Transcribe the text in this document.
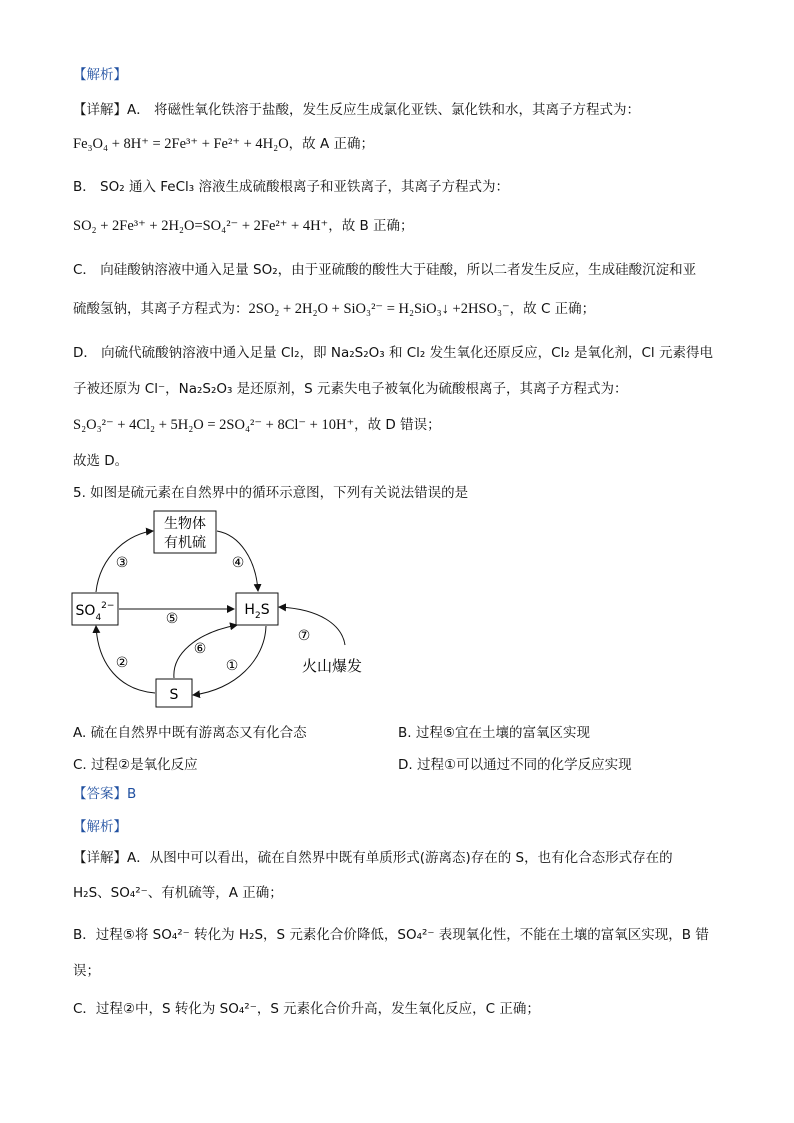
【解析】
【详解】A． 将磁性氧化铁溶于盐酸，发生反应生成氯化亚铁、氯化铁和水，其离子方程式为：
Fe₃O₄ + 8H⁺ = 2Fe³⁺ + Fe²⁺ + 4H₂O，故 A 正确；
B． SO₂ 通入 FeCl₃ 溶液生成硫酸根离子和亚铁离子，其离子方程式为：
SO₂ + 2Fe³⁺ + 2H₂O=SO₄²⁻ + 2Fe²⁺ + 4H⁺，故 B 正确；
C． 向硅酸钠溶液中通入足量 SO₂，由于亚硫酸的酸性大于硅酸，所以二者发生反应，生成硅酸沉淀和亚
硫酸氢钠，其离子方程式为：2SO₂ + 2H₂O + SiO₃²⁻ = H₂SiO₃↓ +2HSO₃⁻，故 C 正确；
D． 向硫代硫酸钠溶液中通入足量 Cl₂，即 Na₂S₂O₃ 和 Cl₂ 发生氧化还原反应，Cl₂ 是氧化剂，Cl 元素得电
子被还原为 Cl⁻，Na₂S₂O₃ 是还原剂，S 元素失电子被氧化为硫酸根离子，其离子方程式为：
S₂O₃²⁻ + 4Cl₂ + 5H₂O = 2SO₄²⁻ + 8Cl⁻ + 10H⁺，故 D 错误；
故选 D。
5. 如图是硫元素在自然界中的循环示意图，下列有关说法错误的是
生物体
有机硫
$SO_4^{2-}$	$H_2S$
S
③	④
⑤
②
⑥
①
⑦
火山爆发
A. 硫在自然界中既有游离态又有化合态	B. 过程⑤宜在土壤的富氧区实现
C. 过程②是氧化反应	D. 过程①可以通过不同的化学反应实现
【答案】B
【解析】
【详解】A．从图中可以看出，硫在自然界中既有单质形式(游离态)存在的 S，也有化合态形式存在的
H₂S、SO₄²⁻、有机硫等，A 正确；
B．过程⑤将 SO₄²⁻ 转化为 H₂S，S 元素化合价降低，SO₄²⁻ 表现氧化性，不能在土壤的富氧区实现，B 错
误；
C．过程②中，S 转化为 SO₄²⁻，S 元素化合价升高，发生氧化反应，C 正确；
